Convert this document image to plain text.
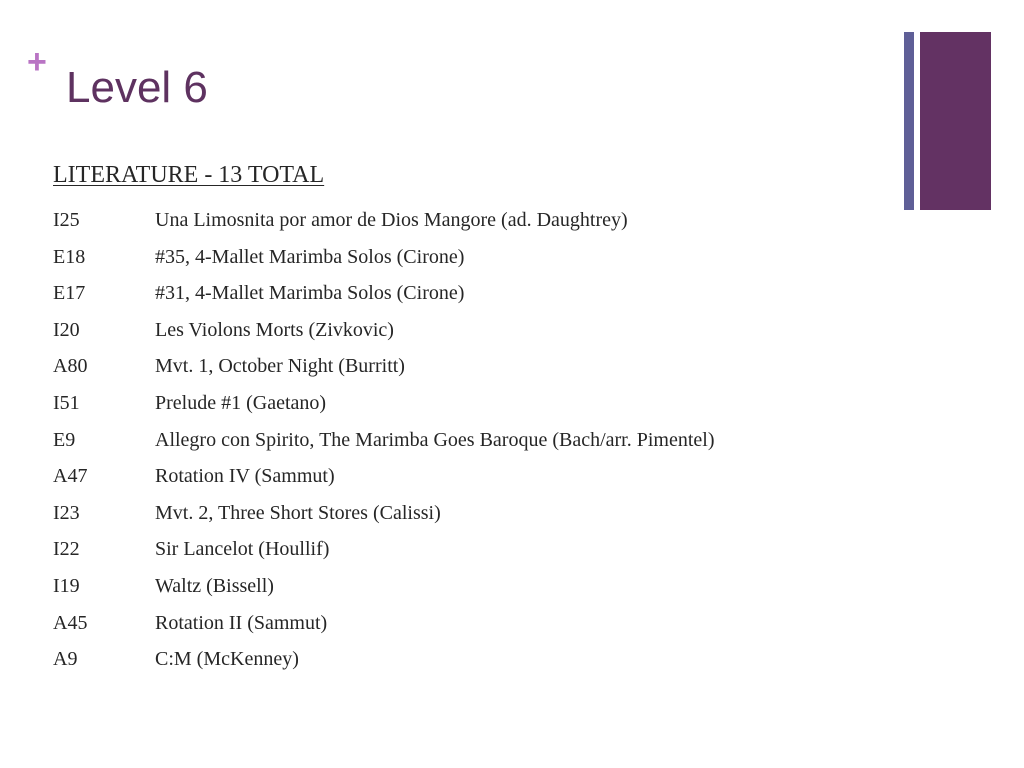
+
Level 6
LITERATURE - 13 TOTAL
I25	Una Limosnita por amor de Dios Mangore (ad. Daughtrey)
E18	#35, 4-Mallet Marimba Solos (Cirone)
E17	#31, 4-Mallet Marimba Solos (Cirone)
I20	Les Violons Morts (Zivkovic)
A80	Mvt. 1, October Night (Burritt)
I51	Prelude #1 (Gaetano)
E9	Allegro con Spirito, The Marimba Goes Baroque (Bach/arr. Pimentel)
A47	Rotation IV (Sammut)
I23	Mvt. 2, Three Short Stores (Calissi)
I22	Sir Lancelot (Houllif)
I19	Waltz (Bissell)
A45	Rotation II (Sammut)
A9	C:M (McKenney)
